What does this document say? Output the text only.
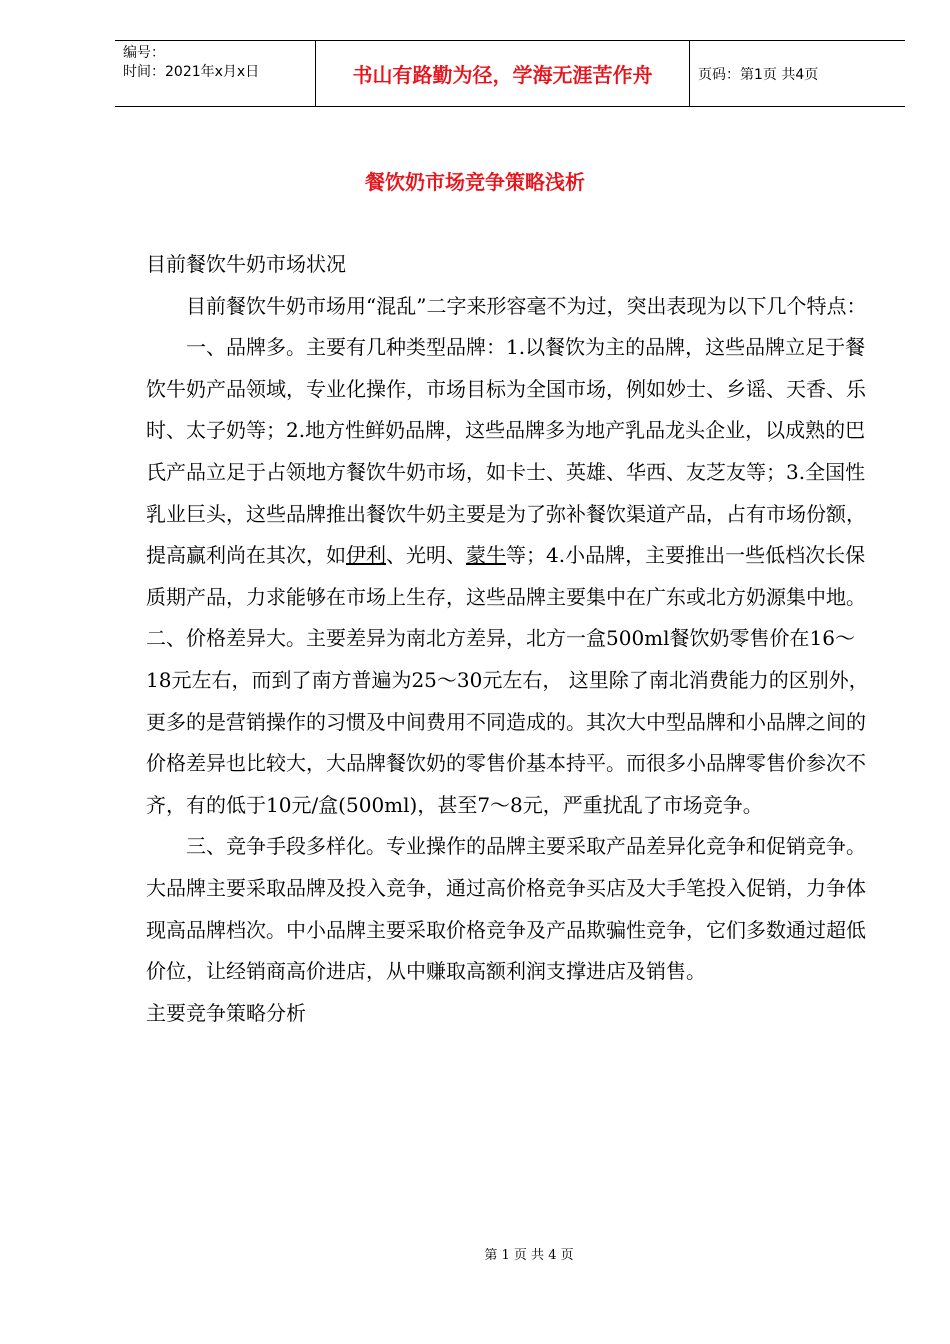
编号：
时间：2021年x月x日	书山有路勤为径，学海无涯苦作舟	页码：第1页 共4页
餐饮奶市场竞争策略浅析

目前餐饮牛奶市场状况

目前餐饮牛奶市场用“混乱”二字来形容毫不为过，突出表现为以下几个特点：

一、品牌多。主要有几种类型品牌：1.以餐饮为主的品牌，这些品牌立足于餐饮牛奶产品领域，专业化操作，市场目标为全国市场，例如妙士、乡谣、天香、乐时、太子奶等；2.地方性鲜奶品牌，这些品牌多为地产乳品龙头企业，以成熟的巴氏产品立足于占领地方餐饮牛奶市场，如卡士、英雄、华西、友芝友等；3.全国性乳业巨头，这些品牌推出餐饮牛奶主要是为了弥补餐饮渠道产品，占有市场份额，提高赢利尚在其次，如伊利、光明、蒙牛等；4.小品牌，主要推出一些低档次长保质期产品，力求能够在市场上生存，这些品牌主要集中在广东或北方奶源集中地。

二、价格差异大。主要差异为南北方差异，北方一盒500ml餐饮奶零售价在16～18元左右，而到了南方普遍为25～30元左右， 这里除了南北消费能力的区别外，更多的是营销操作的习惯及中间费用不同造成的。其次大中型品牌和小品牌之间的价格差异也比较大，大品牌餐饮奶的零售价基本持平。而很多小品牌零售价参次不齐，有的低于10元/盒(500ml)，甚至7～8元，严重扰乱了市场竞争。

三、竞争手段多样化。专业操作的品牌主要采取产品差异化竞争和促销竞争。大品牌主要采取品牌及投入竞争，通过高价格竞争买店及大手笔投入促销，力争体现高品牌档次。中小品牌主要采取价格竞争及产品欺骗性竞争，它们多数通过超低价位，让经销商高价进店，从中赚取高额利润支撑进店及销售。

主要竞争策略分析

第 1 页 共 4 页
